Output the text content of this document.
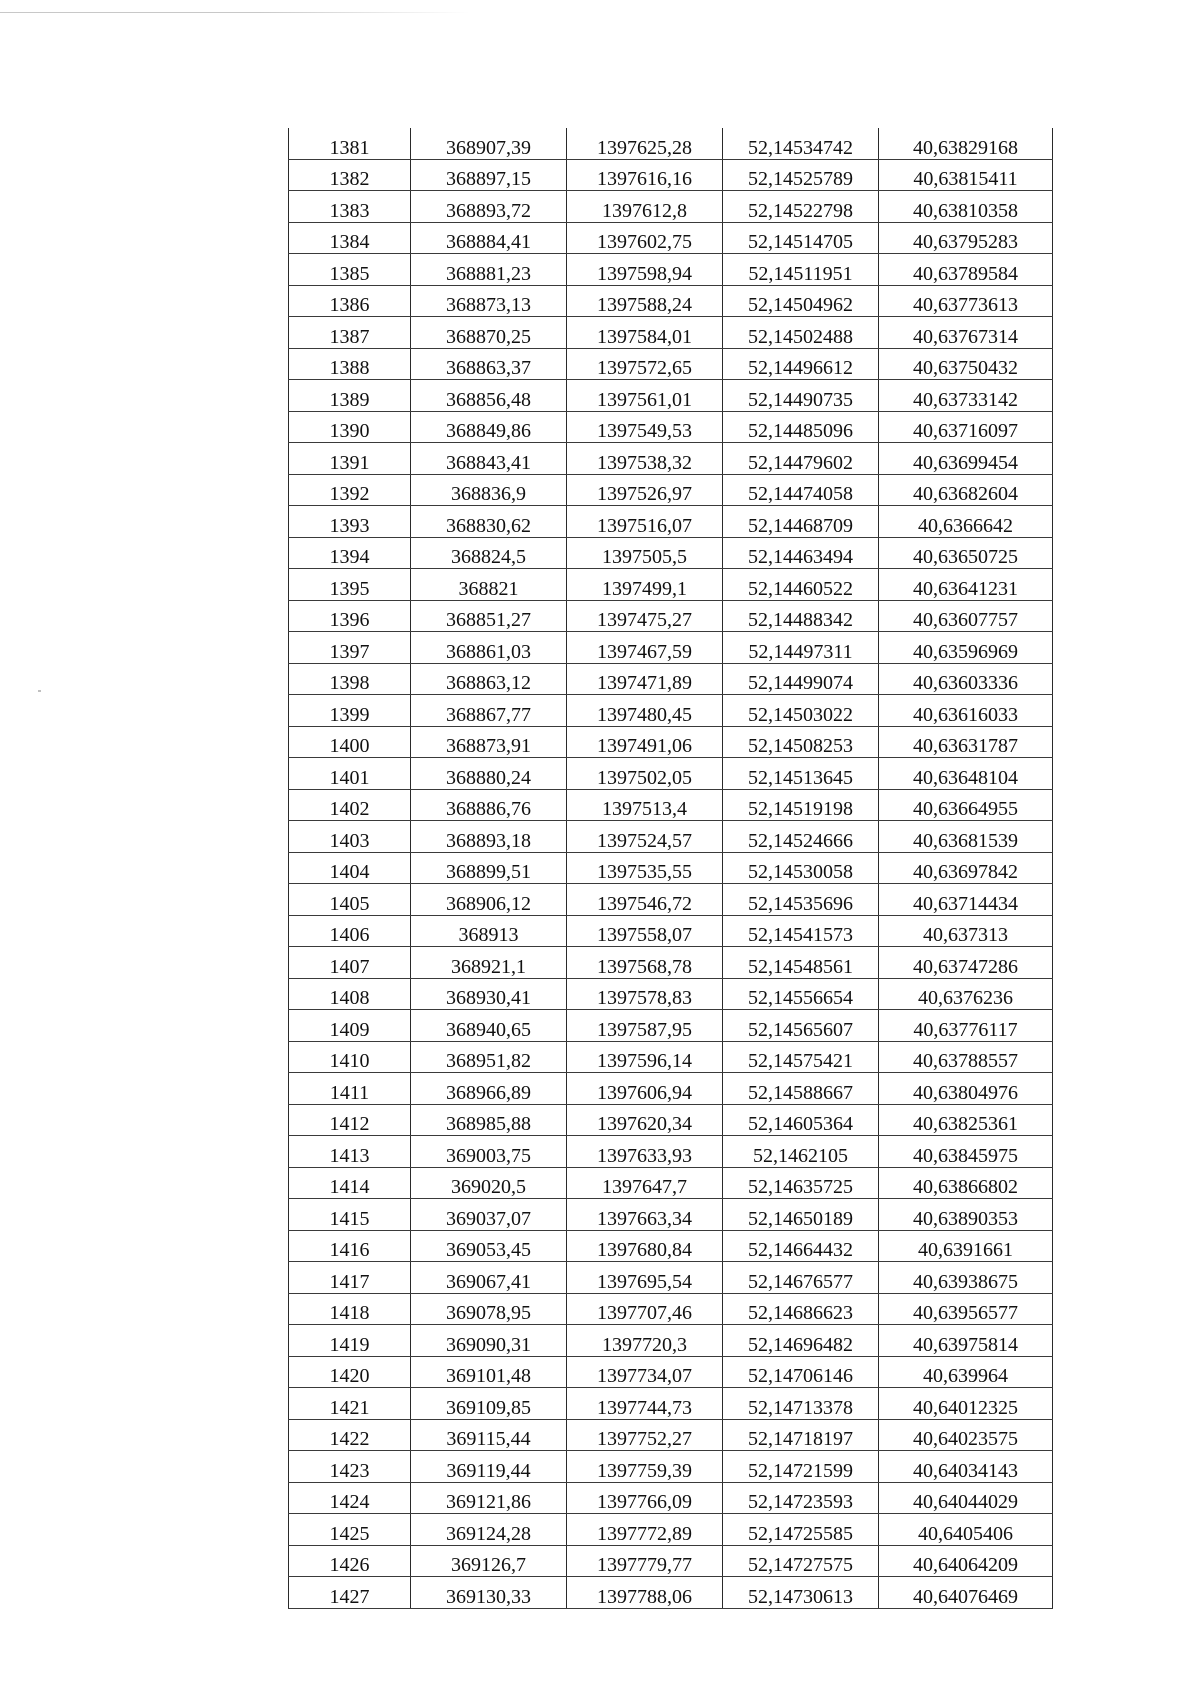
1381	368907,39	1397625,28	52,14534742	40,63829168
1382	368897,15	1397616,16	52,14525789	40,63815411
1383	368893,72	1397612,8	52,14522798	40,63810358
1384	368884,41	1397602,75	52,14514705	40,63795283
1385	368881,23	1397598,94	52,14511951	40,63789584
1386	368873,13	1397588,24	52,14504962	40,63773613
1387	368870,25	1397584,01	52,14502488	40,63767314
1388	368863,37	1397572,65	52,14496612	40,63750432
1389	368856,48	1397561,01	52,14490735	40,63733142
1390	368849,86	1397549,53	52,14485096	40,63716097
1391	368843,41	1397538,32	52,14479602	40,63699454
1392	368836,9	1397526,97	52,14474058	40,63682604
1393	368830,62	1397516,07	52,14468709	40,6366642
1394	368824,5	1397505,5	52,14463494	40,63650725
1395	368821	1397499,1	52,14460522	40,63641231
1396	368851,27	1397475,27	52,14488342	40,63607757
1397	368861,03	1397467,59	52,14497311	40,63596969
1398	368863,12	1397471,89	52,14499074	40,63603336
1399	368867,77	1397480,45	52,14503022	40,63616033
1400	368873,91	1397491,06	52,14508253	40,63631787
1401	368880,24	1397502,05	52,14513645	40,63648104
1402	368886,76	1397513,4	52,14519198	40,63664955
1403	368893,18	1397524,57	52,14524666	40,63681539
1404	368899,51	1397535,55	52,14530058	40,63697842
1405	368906,12	1397546,72	52,14535696	40,63714434
1406	368913	1397558,07	52,14541573	40,637313
1407	368921,1	1397568,78	52,14548561	40,63747286
1408	368930,41	1397578,83	52,14556654	40,6376236
1409	368940,65	1397587,95	52,14565607	40,63776117
1410	368951,82	1397596,14	52,14575421	40,63788557
1411	368966,89	1397606,94	52,14588667	40,63804976
1412	368985,88	1397620,34	52,14605364	40,63825361
1413	369003,75	1397633,93	52,1462105	40,63845975
1414	369020,5	1397647,7	52,14635725	40,63866802
1415	369037,07	1397663,34	52,14650189	40,63890353
1416	369053,45	1397680,84	52,14664432	40,6391661
1417	369067,41	1397695,54	52,14676577	40,63938675
1418	369078,95	1397707,46	52,14686623	40,63956577
1419	369090,31	1397720,3	52,14696482	40,63975814
1420	369101,48	1397734,07	52,14706146	40,639964
1421	369109,85	1397744,73	52,14713378	40,64012325
1422	369115,44	1397752,27	52,14718197	40,64023575
1423	369119,44	1397759,39	52,14721599	40,64034143
1424	369121,86	1397766,09	52,14723593	40,64044029
1425	369124,28	1397772,89	52,14725585	40,6405406
1426	369126,7	1397779,77	52,14727575	40,64064209
1427	369130,33	1397788,06	52,14730613	40,64076469
